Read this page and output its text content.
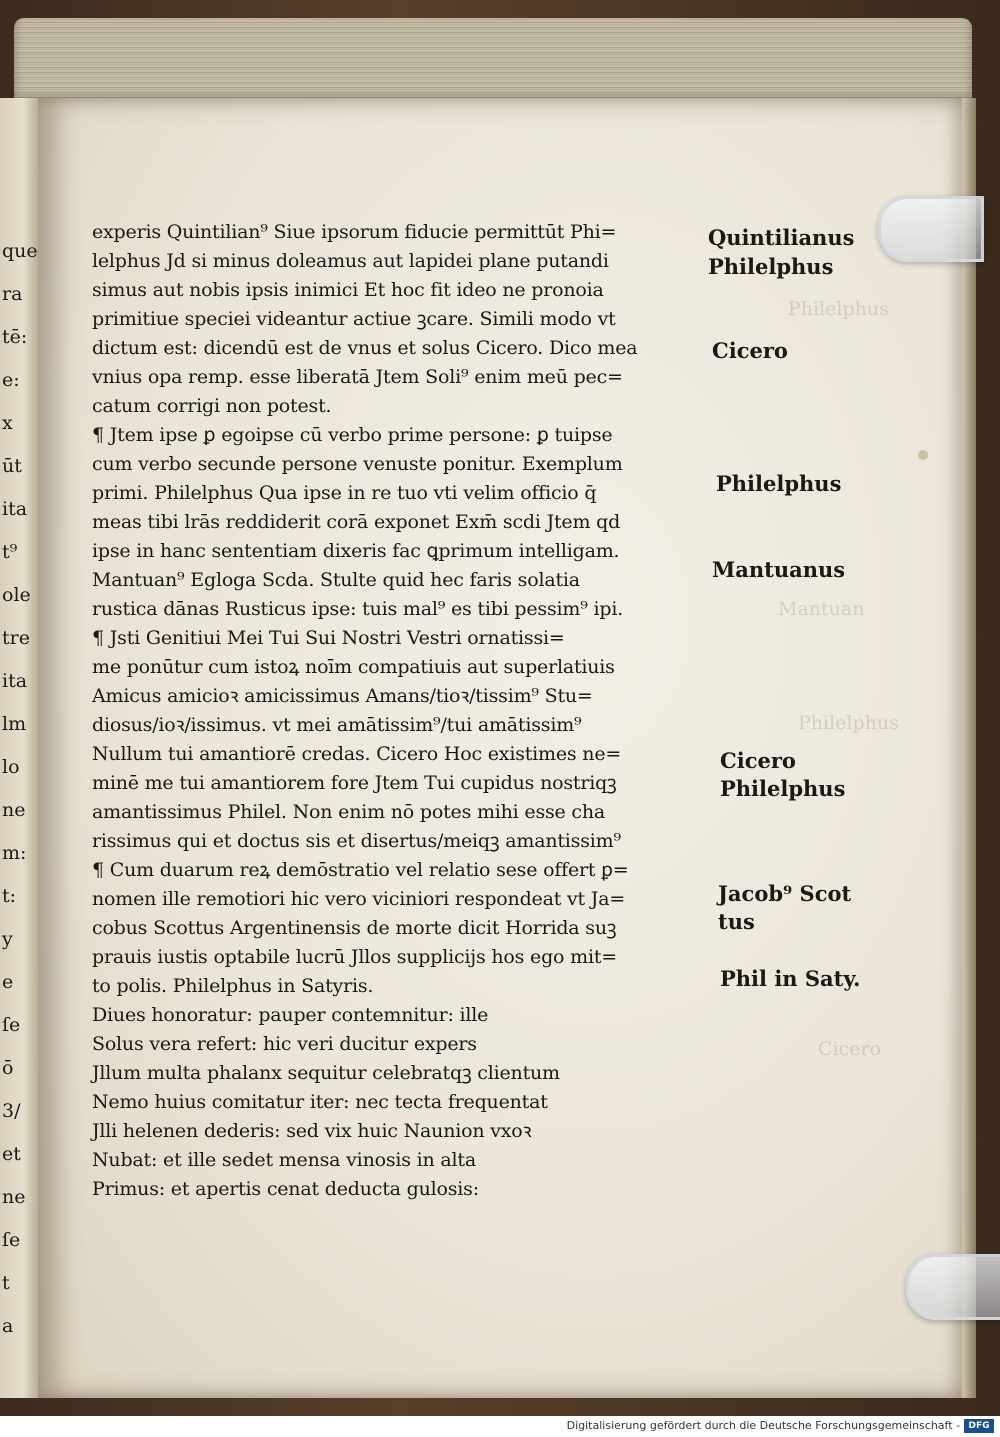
que
ra
tē:
e:
x
ūt
ita
t⁹
ole
tre
ita
lm
lo
ne
m:
t:
y
e
ſe
ō
3/
et
ne
ſe
t
a
Philelphus
Mantuan
Philelphus
Cicero
experis Quintilian⁹ Siue ipsorum fiducie permittūt Phi=
lelphus Jd si minus doleamus aut lapidei plane putandi
simus aut nobis ipsis inimici Et hoc fit ideo ne pronoia
primitiue speciei videantur actiue ꝫcare. Simili modo vt
dictum est: dicendū est de vnus et solus Cicero. Dico mea
vnius opa remp. esse liberatā Jtem Soli⁹ enim meū pec=
catum corrigi non potest.
¶ Jtem ipse ꝑ egoipse cū verbo prime persone: ꝑ tuipse
cum verbo secunde persone venuste ponitur. Exemplum
primi. Philelphus Qua ipse in re tuo vti velim officio q̄
meas tibi lrās reddiderit corā exponet Exm̄ scdi Jtem qd
ipse in hanc sententiam dixeris fac ꝗprimum intelligam.
Mantuan⁹ Egloga Scda. Stulte quid hec faris solatia
rustica dānas Rusticus ipse: tuis mal⁹ es tibi pessim⁹ ipi.
¶ Jsti Genitiui Mei Tui Sui Nostri Vestri ornatissi=
me ponūtur cum istoꝝ noīm compatiuis aut superlatiuis
Amicus amicioꝛ amicissimus Amans/tioꝛ/tissim⁹ Stu=
diosus/ioꝛ/issimus. vt mei amātissim⁹/tui amātissim⁹
Nullum tui amantiorē credas. Cicero Hoc existimes ne=
minē me tui amantiorem fore Jtem Tui cupidus nostriqꝫ
amantissimus Philel. Non enim nō potes mihi esse cha
rissimus qui et doctus sis et disertus/meiqꝫ amantissim⁹
¶ Cum duarum reꝝ demōstratio vel relatio sese offert ꝑ=
nomen ille remotiori hic vero viciniori respondeat vt Ja=
cobus Scottus Argentinensis de morte dicit Horrida suꝫ
prauis iustis optabile lucrū Jllos supplicijs hos ego mit=
to polis. Philelphus in Satyris.
Diues honoratur: pauper contemnitur: ille
Solus vera refert: hic veri ducitur expers
Jllum multa phalanx sequitur celebratqꝫ clientum
Nemo huius comitatur iter: nec tecta frequentat
Jlli helenen dederis: sed vix huic Naunion vxoꝛ
Nubat: et ille sedet mensa vinosis in alta
Primus: et apertis cenat deducta gulosis:
Quintilianus
Philelphus
Cicero
Philelphus
Mantuanus
Cicero
Philelphus
Jacob⁹ Scot
tus
Phil in Saty.
Digitalisierung gefördert durch die Deutsche Forschungsgemeinschaft - DFG
